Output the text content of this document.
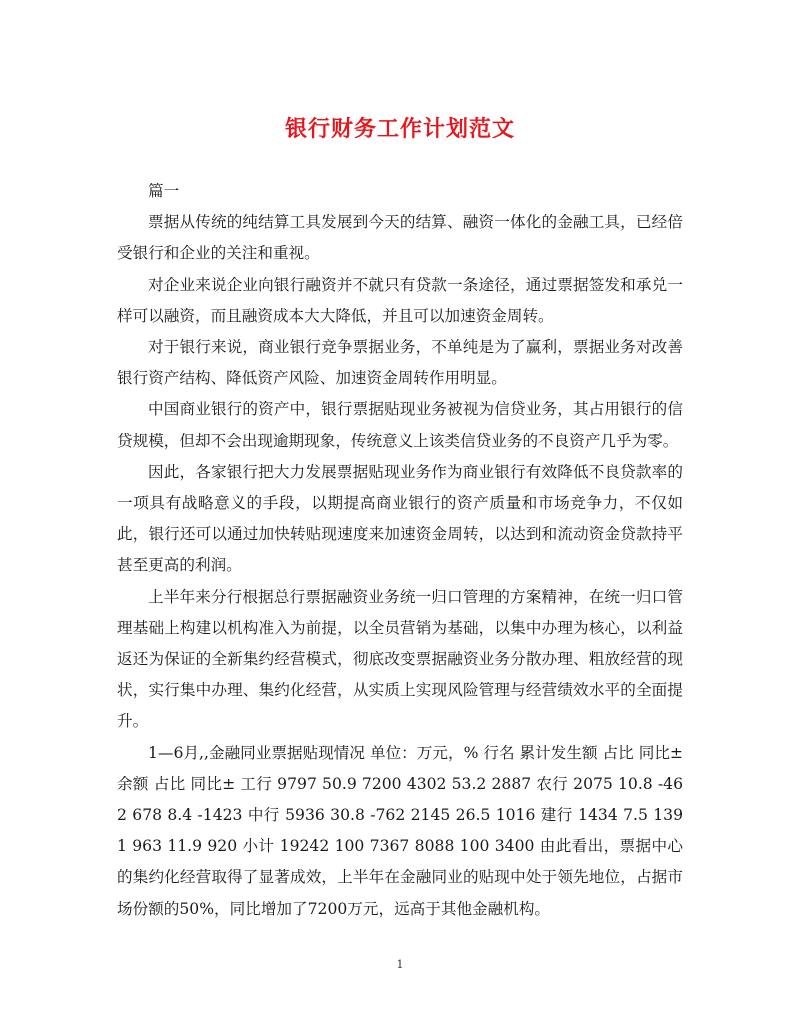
银行财务工作计划范文

篇一

票据从传统的纯结算工具发展到今天的结算、融资一体化的金融工具，已经倍受银行和企业的关注和重视。

对企业来说企业向银行融资并不就只有贷款一条途径，通过票据签发和承兑一样可以融资，而且融资成本大大降低，并且可以加速资金周转。

对于银行来说，商业银行竞争票据业务，不单纯是为了赢利，票据业务对改善银行资产结构、降低资产风险、加速资金周转作用明显。

中国商业银行的资产中，银行票据贴现业务被视为信贷业务，其占用银行的信贷规模，但却不会出现逾期现象，传统意义上该类信贷业务的不良资产几乎为零。

因此，各家银行把大力发展票据贴现业务作为商业银行有效降低不良贷款率的一项具有战略意义的手段，以期提高商业银行的资产质量和市场竞争力，不仅如此，银行还可以通过加快转贴现速度来加速资金周转，以达到和流动资金贷款持平甚至更高的利润。

上半年来分行根据总行票据融资业务统一归口管理的方案精神，在统一归口管理基础上构建以机构准入为前提，以全员营销为基础，以集中办理为核心，以利益返还为保证的全新集约经营模式，彻底改变票据融资业务分散办理、粗放经营的现状，实行集中办理、集约化经营，从实质上实现风险管理与经营绩效水平的全面提升。

1—6月,,金融同业票据贴现情况 单位：万元，% 行名 累计发生额 占比 同比± 余额 占比 同比± 工行 9797 50.9 7200 4302 53.2 2887 农行 2075 10.8 -462 678 8.4 -1423 中行 5936 30.8 -762 2145 26.5 1016 建行 1434 7.5 1391 963 11.9 920 小计 19242 100 7367 8088 100 3400 由此看出，票据中心的集约化经营取得了显著成效，上半年在金融同业的贴现中处于领先地位，占据市场份额的50%，同比增加了7200万元，远高于其他金融机构。

1
